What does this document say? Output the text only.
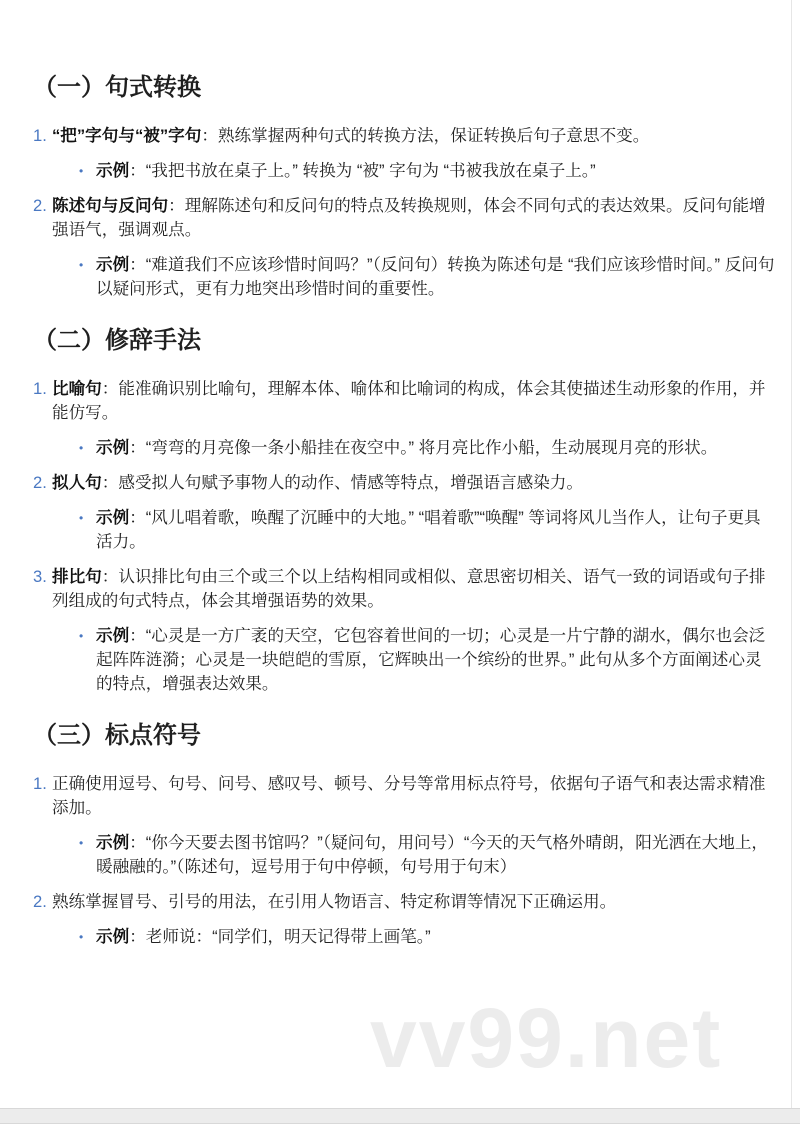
（一）句式转换
1. “把”字句与“被”字句：熟练掌握两种句式的转换方法，保证转换后句子意思不变。
• 示例：“我把书放在桌子上。” 转换为 “被” 字句为 “书被我放在桌子上。”
2. 陈述句与反问句：理解陈述句和反问句的特点及转换规则，体会不同句式的表达效果。反问句能增强语气，强调观点。
• 示例：“难道我们不应该珍惜时间吗？”（反问句）转换为陈述句是 “我们应该珍惜时间。” 反问句以疑问形式，更有力地突出珍惜时间的重要性。
（二）修辞手法
1. 比喻句：能准确识别比喻句，理解本体、喻体和比喻词的构成，体会其使描述生动形象的作用，并能仿写。
• 示例：“弯弯的月亮像一条小船挂在夜空中。” 将月亮比作小船，生动展现月亮的形状。
2. 拟人句：感受拟人句赋予事物人的动作、情感等特点，增强语言感染力。
• 示例：“风儿唱着歌，唤醒了沉睡中的大地。” “唱着歌”“唤醒” 等词将风儿当作人，让句子更具活力。
3. 排比句：认识排比句由三个或三个以上结构相同或相似、意思密切相关、语气一致的词语或句子排列组成的句式特点，体会其增强语势的效果。
• 示例：“心灵是一方广袤的天空，它包容着世间的一切；心灵是一片宁静的湖水，偶尔也会泛起阵阵涟漪；心灵是一块皑皑的雪原，它辉映出一个缤纷的世界。” 此句从多个方面阐述心灵的特点，增强表达效果。
（三）标点符号
1. 正确使用逗号、句号、问号、感叹号、顿号、分号等常用标点符号，依据句子语气和表达需求精准添加。
• 示例：“你今天要去图书馆吗？”（疑问句，用问号）“今天的天气格外晴朗，阳光洒在大地上，暖融融的。”（陈述句，逗号用于句中停顿，句号用于句末）
2. 熟练掌握冒号、引号的用法，在引用人物语言、特定称谓等情况下正确运用。
• 示例：老师说：“同学们，明天记得带上画笔。”
vv99.net
